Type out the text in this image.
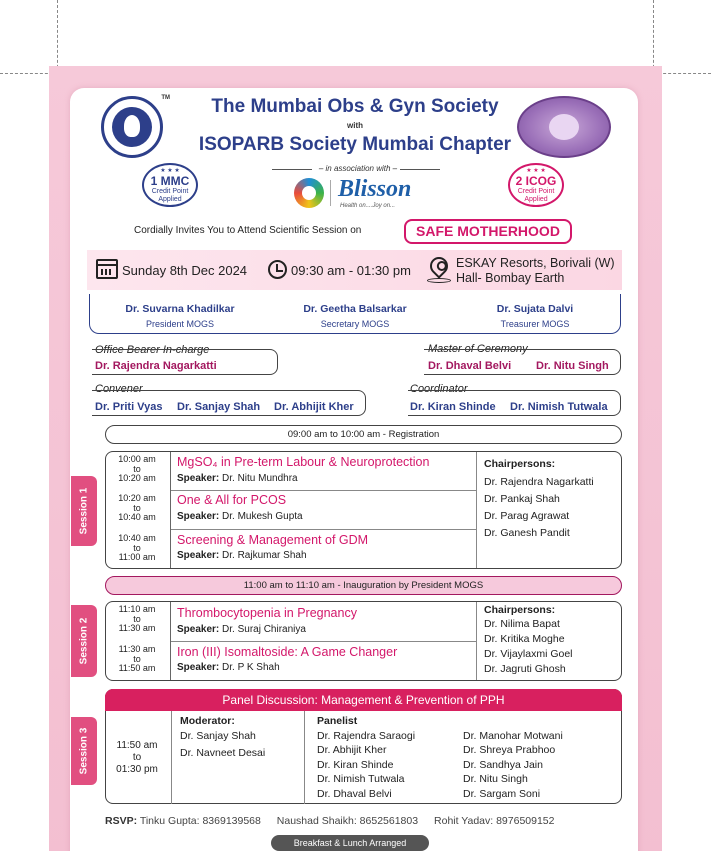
TM	The Mumbai Obs & Gyn Society
with
ISOPARB Society Mumbai Chapter
– in association with –
★ ★ ★
1 MMC
Credit Point
Applied
★ ★ ★
2 ICOG
Credit Point
Applied
Blisson
Health on....Joy on...
Cordially Invites You to Attend Scientific Session on	SAFE MOTHERHOOD
Sunday 8th Dec 2024	09:30 am - 01:30 pm	ESKAY Resorts, Borivali (W)
Hall- Bombay Earth
Dr. Suvarna Khadilkar
President MOGS
Dr. Geetha Balsarkar
Secretary MOGS
Dr. Sujata Dalvi
Treasurer MOGS
Office Bearer In-charge
Dr. Rajendra Nagarkatti
Master of Ceremony
Dr. Dhaval Belvi Dr. Nitu Singh
Convener
Dr. Priti Vyas Dr. Sanjay Shah Dr. Abhijit Kher
Coordinator
Dr. Kiran Shinde Dr. Nimish Tutwala
09:00 am to 10:00 am - Registration
Session 1
10:00 am
to
10:20 am
MgSO₄ in Pre-term Labour & Neuroprotection
Speaker: Dr. Nitu Mundhra
10:20 am
to
10:40 am
One & All for PCOS
Speaker: Dr. Mukesh Gupta
10:40 am
to
11:00 am
Screening & Management of GDM
Speaker: Dr. Rajkumar Shah
Chairpersons:
Dr. Rajendra Nagarkatti
Dr. Pankaj Shah
Dr. Parag Agrawat
Dr. Ganesh Pandit
11:00 am to 11:10 am - Inauguration by President MOGS
Session 2
11:10 am
to
11:30 am
Thrombocytopenia in Pregnancy
Speaker: Dr. Suraj Chiraniya
11:30 am
to
11:50 am
Iron (III) Isomaltoside: A Game Changer
Speaker: Dr. P K Shah
Chairpersons:
Dr. Nilima Bapat
Dr. Kritika Moghe
Dr. Vijaylaxmi Goel
Dr. Jagruti Ghosh
Session 3
Panel Discussion: Management & Prevention of PPH
11:50 am
to
01:30 pm
Moderator:
Dr. Sanjay Shah
Dr. Navneet Desai
Panelist
Dr. Rajendra Saraogi
Dr. Abhijit Kher
Dr. Kiran Shinde
Dr. Nimish Tutwala
Dr. Dhaval Belvi
Dr. Manohar Motwani
Dr. Shreya Prabhoo
Dr. Sandhya Jain
Dr. Nitu Singh
Dr. Sargam Soni
RSVP: Tinku Gupta: 8369139568 Naushad Shaikh: 8652561803 Rohit Yadav: 8976509152
Breakfast & Lunch Arranged
